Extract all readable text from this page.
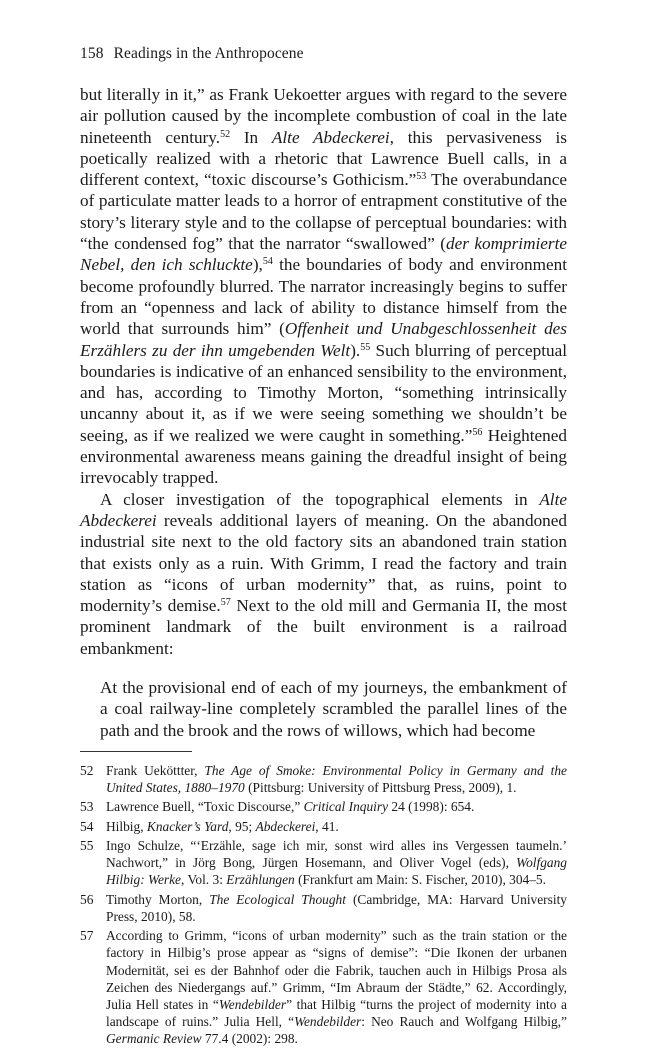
158 Readings in the Anthropocene

but literally in it,” as Frank Uekoetter argues with regard to the severe air pollution caused by the incomplete combustion of coal in the late nineteenth century.$^{52}$ In Alte Abdeckerei, this pervasiveness is poetically realized with a rhetoric that Lawrence Buell calls, in a different context, “toxic discourse’s Gothicism.”$^{53}$ The overabundance of particulate matter leads to a horror of entrapment constitutive of the story’s literary style and to the collapse of perceptual boundaries: with “the condensed fog” that the narrator “swallowed” (der komprimierte Nebel, den ich schluckte),$^{54}$ the boundaries of body and environment become profoundly blurred. The narrator increasingly begins to suffer from an “openness and lack of ability to distance himself from the world that surrounds him” (Offenheit und Unabgeschlossenheit des Erzählers zu der ihn umgebenden Welt).$^{55}$ Such blurring of perceptual boundaries is indicative of an enhanced sensibility to the environment, and has, according to Timothy Morton, “something intrinsically uncanny about it, as if we were seeing something we shouldn’t be seeing, as if we realized we were caught in something.”$^{56}$ Heightened environmental awareness means gaining the dreadful insight of being irrevocably trapped.

A closer investigation of the topographical elements in Alte Abdeckerei reveals additional layers of meaning. On the abandoned industrial site next to the old factory sits an abandoned train station that exists only as a ruin. With Grimm, I read the factory and train station as “icons of urban modernity” that, as ruins, point to modernity’s demise.$^{57}$ Next to the old mill and Germania II, the most prominent landmark of the built environment is a railroad embankment:

At the provisional end of each of my journeys, the embankment of a coal railway-line completely scrambled the parallel lines of the path and the brook and the rows of willows, which had become

52 Frank Ueköttter, The Age of Smoke: Environmental Policy in Germany and the United States, 1880–1970 (Pittsburg: University of Pittsburg Press, 2009), 1.
53 Lawrence Buell, “Toxic Discourse,” Critical Inquiry 24 (1998): 654.
54 Hilbig, Knacker’s Yard, 95; Abdeckerei, 41.
55 Ingo Schulze, “‘Erzähle, sage ich mir, sonst wird alles ins Vergessen taumeln.’ Nachwort,” in Jörg Bong, Jürgen Hosemann, and Oliver Vogel (eds), Wolfgang Hilbig: Werke, Vol. 3: Erzählungen (Frankfurt am Main: S. Fischer, 2010), 304–5.
56 Timothy Morton, The Ecological Thought (Cambridge, MA: Harvard University Press, 2010), 58.
57 According to Grimm, “icons of urban modernity” such as the train station or the factory in Hilbig’s prose appear as “signs of demise”: “Die Ikonen der urbanen Modernität, sei es der Bahnhof oder die Fabrik, tauchen auch in Hilbigs Prosa als Zeichen des Niedergangs auf.” Grimm, “Im Abraum der Städte,” 62. Accordingly, Julia Hell states in “Wendebilder” that Hilbig “turns the project of modernity into a landscape of ruins.” Julia Hell, “Wendebilder: Neo Rauch and Wolfgang Hilbig,” Germanic Review 77.4 (2002): 298.
